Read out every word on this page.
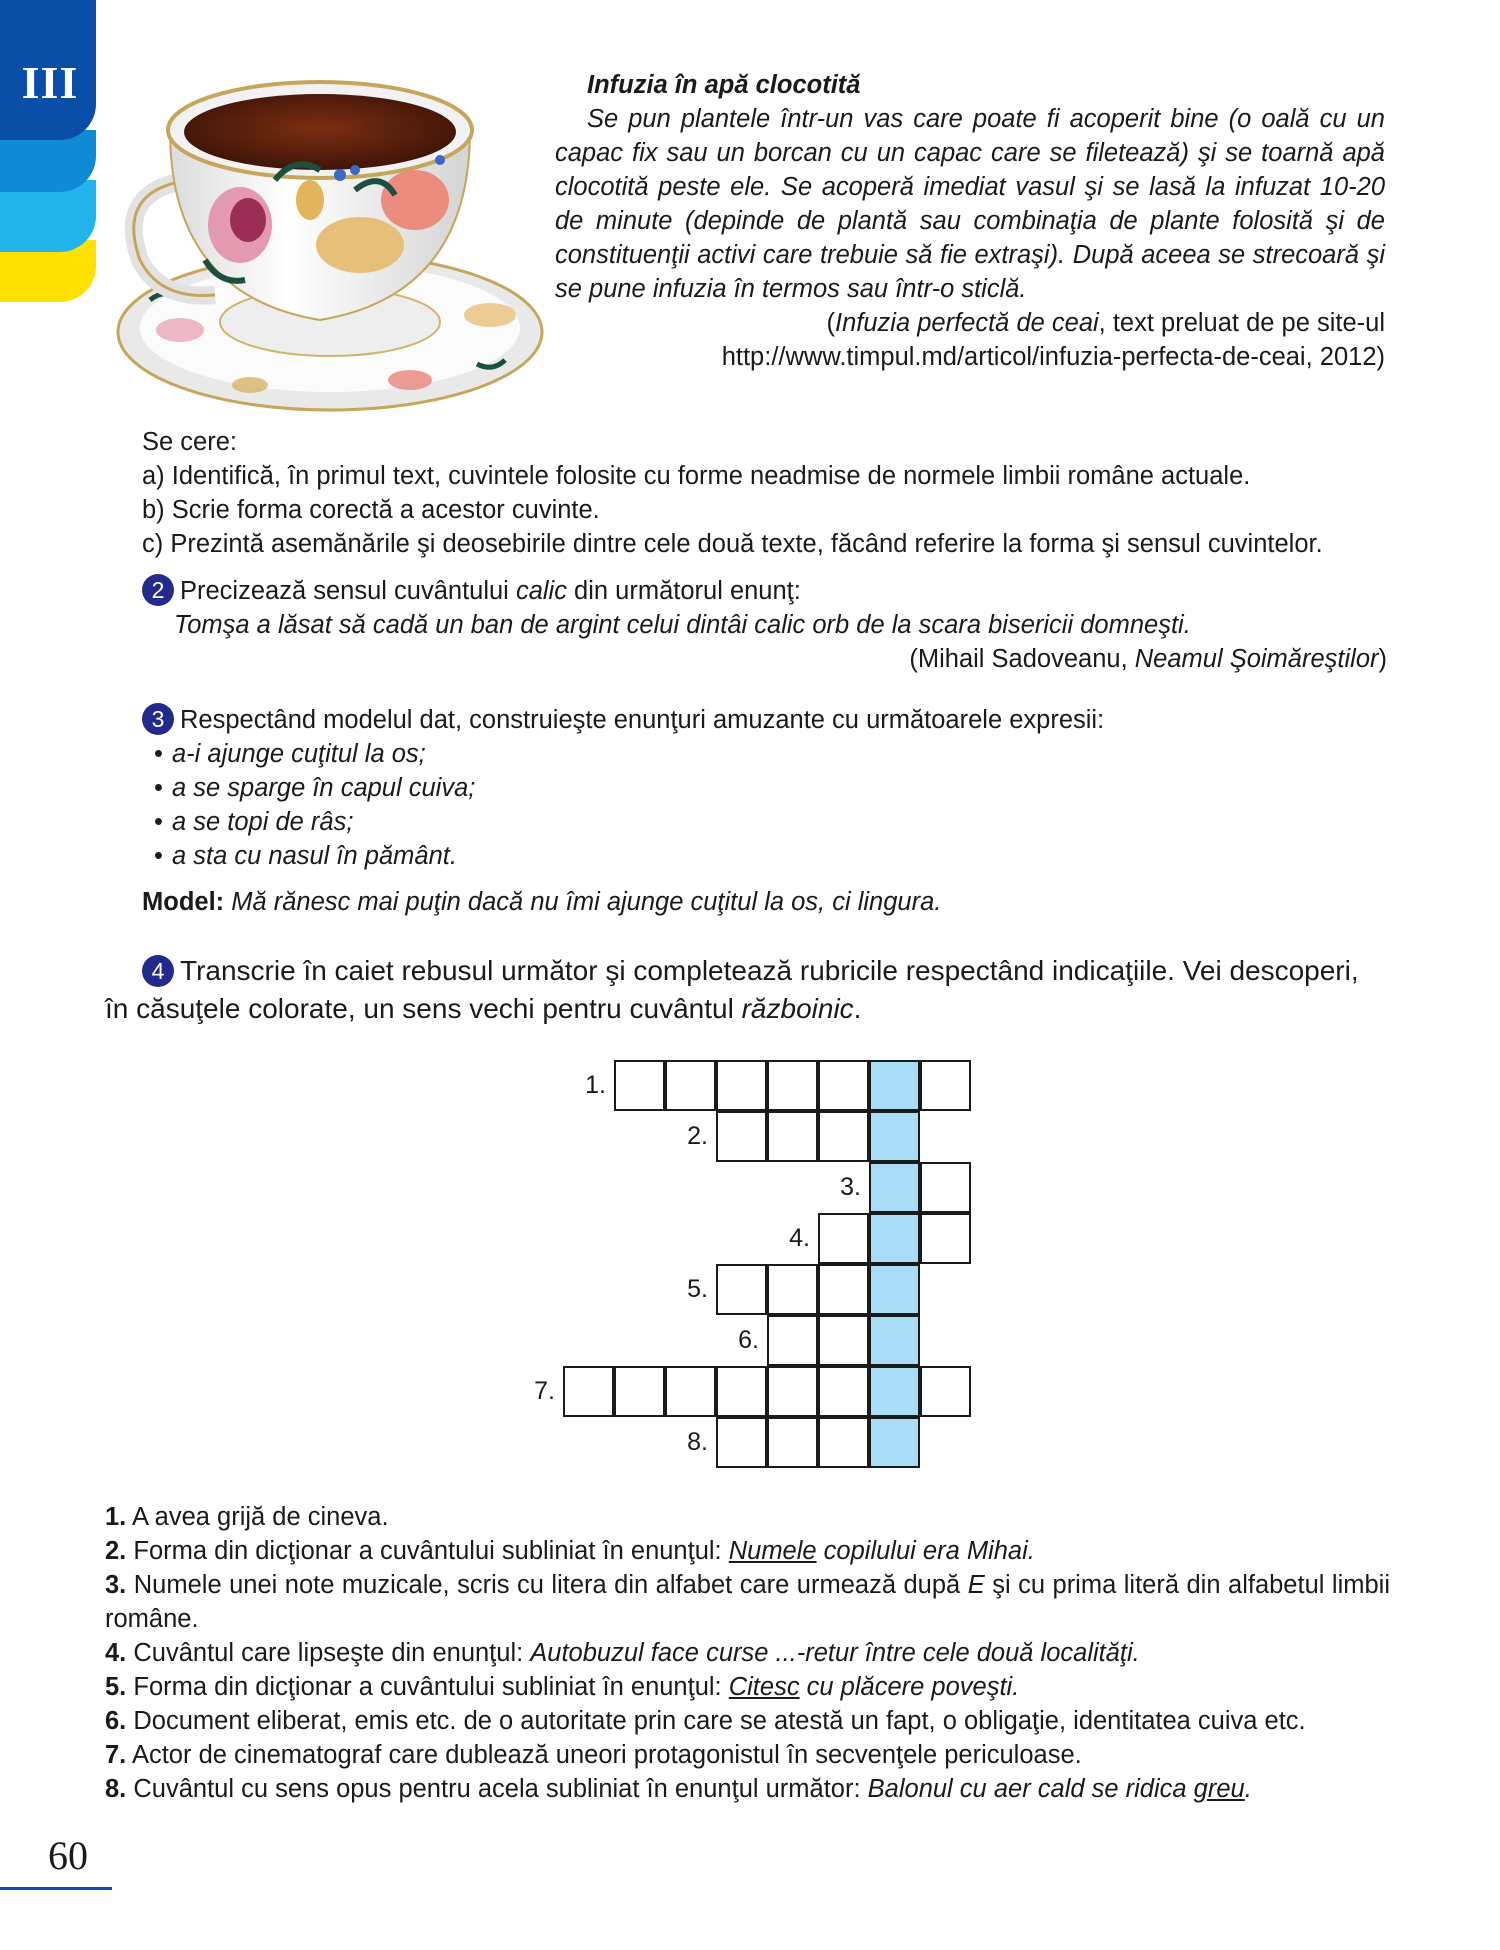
III	Infuzia în apă clocotită

Se pun plantele într-un vas care poate fi acoperit bine (o oală cu un capac fix sau un borcan cu un capac care se filetează) şi se toarnă apă clocotită peste ele. Se acoperă imediat vasul şi se lasă la infuzat 10-20 de minute (depinde de plantă sau combinaţia de plante folosită şi de constituenţii activi care trebuie să fie extraşi). După aceea se strecoară şi se pune infuzia în termos sau într-o sticlă.

(Infuzia perfectă de ceai, text preluat de pe site-ul

http://www.timpul.md/articol/infuzia-perfecta-de-ceai, 2012)

Se cere:
a) Identifică, în primul text, cuvintele folosite cu forme neadmise de normele limbii române actuale.
b) Scrie forma corectă a acestor cuvinte.
c) Prezintă asemănările şi deosebirile dintre cele două texte, făcând referire la forma şi sensul cuvintelor.
2 Precizează sensul cuvântului calic din următorul enunţ:
Tomşa a lăsat să cadă un ban de argint celui dintâi calic orb de la scara bisericii domneşti.
(Mihail Sadoveanu, Neamul Şoimăreştilor)
3 Respectând modelul dat, construieşte enunţuri amuzante cu următoarele expresii:
• a-i ajunge cuţitul la os;
• a se sparge în capul cuiva;
• a se topi de râs;
• a sta cu nasul în pământ.
Model: Mă rănesc mai puţin dacă nu îmi ajunge cuţitul la os, ci lingura.
4 Transcrie în caiet rebusul următor şi completează rubricile respectând indicaţiile. Vei descoperi, în căsuţele colorate, un sens vechi pentru cuvântul războinic.
1.
2.
3.
4.
5.
6.
7.
8.

1. A avea grijă de cineva.

2. Forma din dicţionar a cuvântului subliniat în enunţul: Numele copilului era Mihai.

3. Numele unei note muzicale, scris cu litera din alfabet care urmează după E şi cu prima literă din alfabetul limbii române.

4. Cuvântul care lipseşte din enunţul: Autobuzul face curse ...-retur între cele două localităţi.

5. Forma din dicţionar a cuvântului subliniat în enunţul: Citesc cu plăcere poveşti.

6. Document eliberat, emis etc. de o autoritate prin care se atestă un fapt, o obligaţie, identitatea cuiva etc.

7. Actor de cinematograf care dublează uneori protagonistul în secvenţele periculoase.

8. Cuvântul cu sens opus pentru acela subliniat în enunţul următor: Balonul cu aer cald se ridica greu.

60
